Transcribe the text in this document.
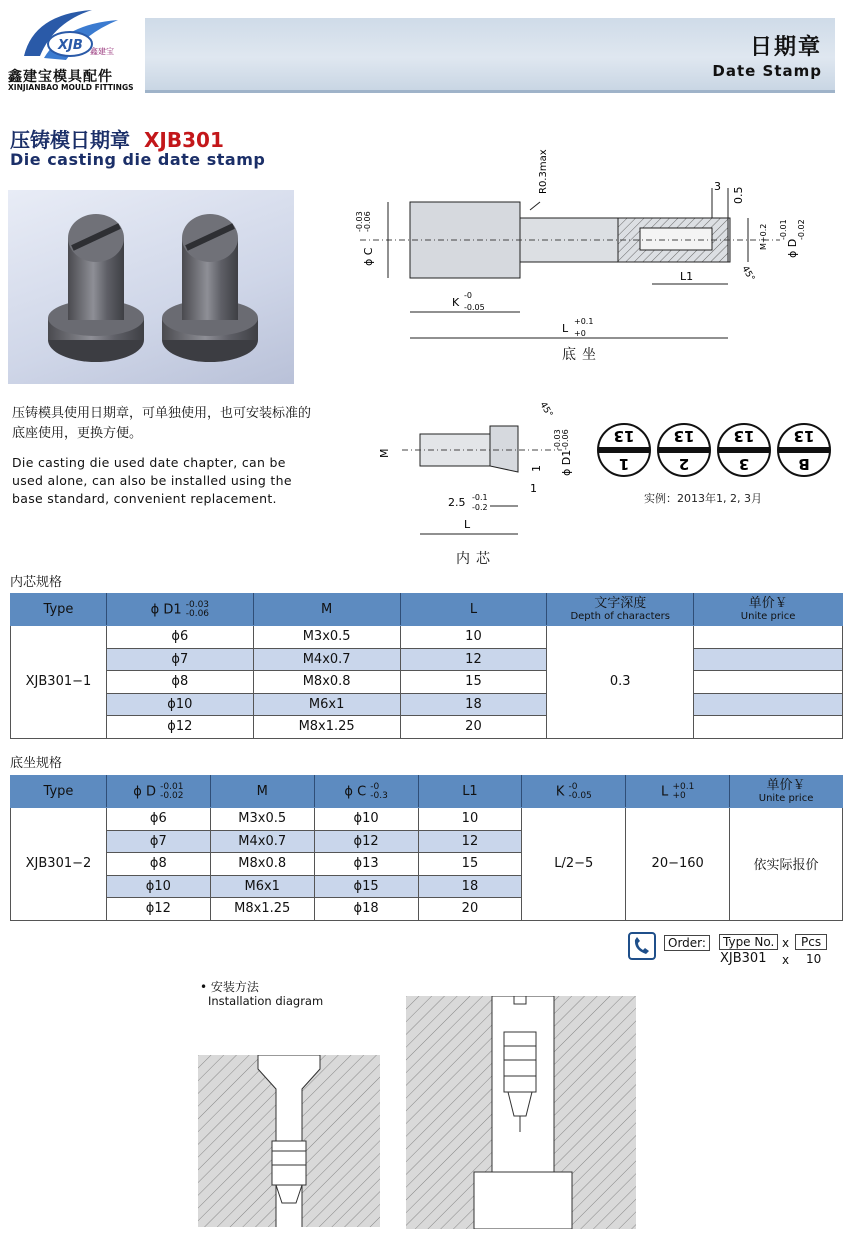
XJB 鑫建宝
鑫建宝模具配件
XINJIANBAO MOULD FITTINGS
日期章
Date Stamp
压铸模日期章 XJB301
Die casting die date stamp
压铸模具使用日期章，可单独使用，也可安装标准的底座使用，更换方便。
Die casting die used date chapter, can be used alone, can also be installed using the base standard, convenient replacement.
R0.3max	3 0.5
ϕ C
-0.03 -0.06
M+0.2 ϕ D
-0.01 -0.02
L1	45°
K
-0
-0.05
L
+0.1
+0
底坐
45°
M	ϕ D1
-0.03 -0.06
1
1
2.5 -0.1
-0.2
L
内芯
13
1
13
2
13
3
13
B
实例：2013年1, 2, 3月
内芯规格
Type	ϕ D1 -0.03
-0.06	M	L	文字深度
Depth of characters	单价￥
Unite price

XJB301−1	ϕ6	M3x0.5	10	0.3	
	ϕ7	M4x0.7	12		
	ϕ8	M8x0.8	15		
	ϕ10	M6x1	18		
	ϕ12	M8x1.25	20		
底坐规格
Type	ϕ D -0.01
-0.02	M	ϕ C -0
-0.3	L1	K -0
-0.05	L +0.1
+0	单价￥
Unite price

XJB301−2	ϕ6	M3x0.5	ϕ10	10	L/2−5	20−160	依实际报价
	ϕ7	M4x0.7	ϕ12	12			
	ϕ8	M8x0.8	ϕ13	15			
	ϕ10	M6x1	ϕ15	18			
	ϕ12	M8x1.25	ϕ18	20			
Order:	Type No. x Pcs
XJB301 x 10
• 安装方法
Installation diagram
